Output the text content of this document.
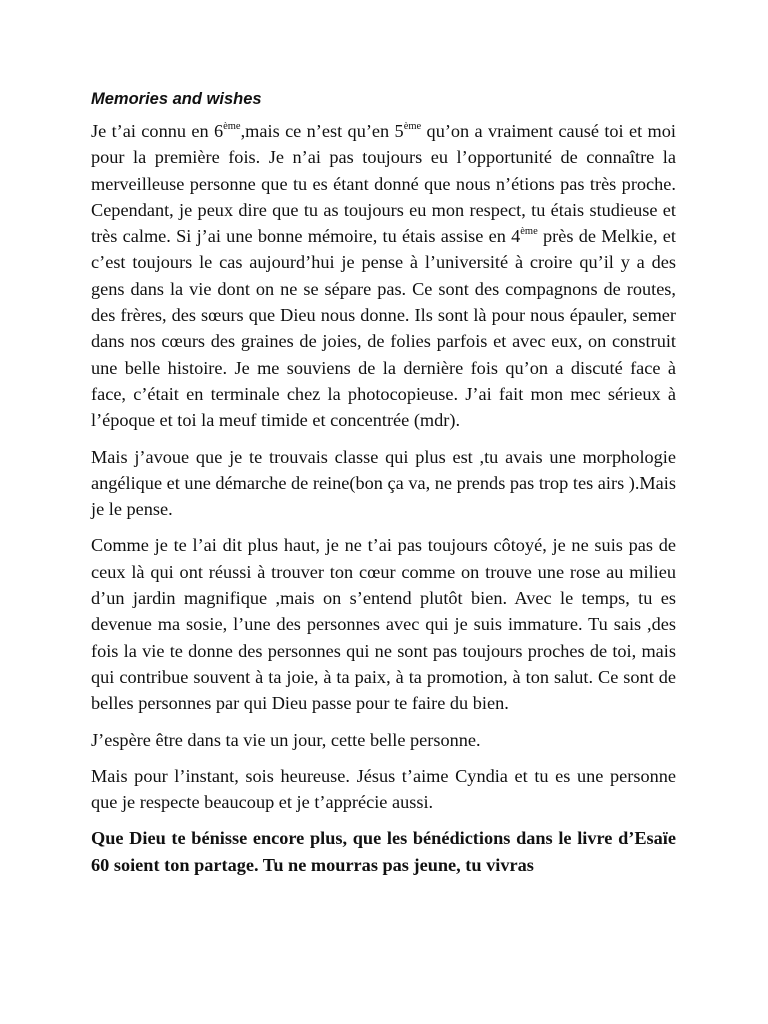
Memories and wishes

Je t’ai connu en 6ème,mais ce n’est qu’en 5ème qu’on a vraiment causé toi et moi pour la première fois. Je n’ai pas toujours eu l’opportunité de connaître la merveilleuse personne que tu es étant donné que nous n’étions pas très proche. Cependant, je peux dire que tu as toujours eu mon respect, tu étais studieuse et très calme. Si j’ai une bonne mémoire, tu étais assise en 4ème près de Melkie, et c’est toujours le cas aujourd’hui je pense à l’université à croire qu’il y a des gens dans la vie dont on ne se sépare pas. Ce sont des compagnons de routes, des frères, des sœurs que Dieu nous donne. Ils sont là pour nous épauler, semer dans nos cœurs des graines de joies, de folies parfois et avec eux, on construit une belle histoire. Je me souviens de la dernière fois qu’on a discuté face à face, c’était en terminale chez la photocopieuse. J’ai fait mon mec sérieux à l’époque et toi la meuf timide et concentrée (mdr).

Mais j’avoue que je te trouvais classe qui plus est ,tu avais une morphologie angélique et une démarche de reine(bon ça va, ne prends pas trop tes airs ).Mais je le pense.

Comme je te l’ai dit plus haut, je ne t’ai pas toujours côtoyé, je ne suis pas de ceux là qui ont réussi à trouver ton cœur comme on trouve une rose au milieu d’un jardin magnifique ,mais on s’entend plutôt bien. Avec le temps, tu es devenue ma sosie, l’une des personnes avec qui je suis immature. Tu sais ,des fois la vie te donne des personnes qui ne sont pas toujours proches de toi, mais qui contribue souvent à ta joie, à ta paix, à ta promotion, à ton salut. Ce sont de belles personnes par qui Dieu passe pour te faire du bien.

J’espère être dans ta vie un jour, cette belle personne.

Mais pour l’instant, sois heureuse. Jésus t’aime Cyndia et tu es une personne que je respecte beaucoup et je t’apprécie aussi.

Que Dieu te bénisse encore plus, que les bénédictions dans le livre d’Esaïe 60 soient ton partage. Tu ne mourras pas jeune, tu vivras
